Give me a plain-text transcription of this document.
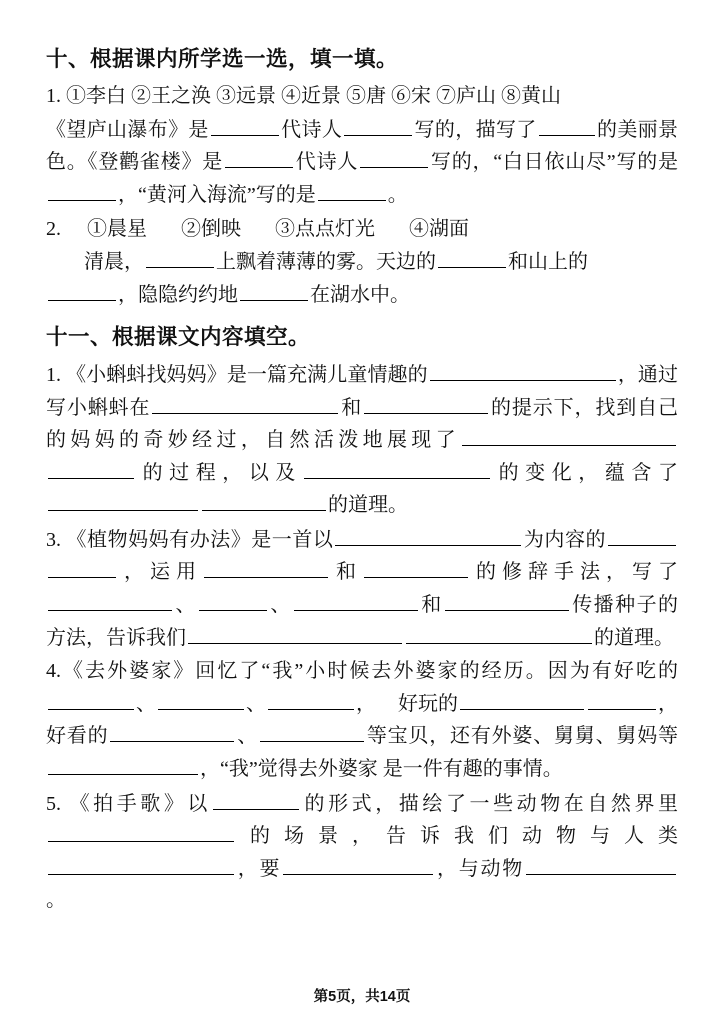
十、根据课内所学选一选，填一填。
1. ①李白 ②王之涣 ③远景 ④近景 ⑤唐 ⑥宋 ⑦庐山 ⑧黄山
《望庐山瀑布》是	代诗人	写的，描写了	的美丽景色。《登鹳雀楼》是	代诗人	写的，“白日依山尽”写的是，“黄河入海流”写的是	。
2. ①晨星 ②倒映 ③点点灯光 ④湖面
清晨，	上飘着薄薄的雾。天边的	和山上的
，隐隐约约地	在湖水中。
十一、根据课文内容填空。
1. 《小蝌蚪找妈妈》是一篇充满儿童情趣的	，通过写小蝌蚪在	和	的提示下，找到自己的妈妈的奇妙经过，自然活泼地展现了的过程，以及	的变化，蕴含了的道理。
3. 《植物妈妈有办法》是一首以	为内容的，运用	和	的修辞手法，写了、	、	和	传播种子的方法，告诉我们	的道理。
4.《去外婆家》回忆了“我”小时候去外婆家的经历。因为有好吃的、	、	， 好玩的	，好看的	、	等宝贝，还有外婆、舅舅、舅妈等，“我”觉得去外婆家 是一件有趣的事情。
5. 《拍手歌》以	的形式，描绘了一些动物在自然界里的场景，告诉我们动物与人类，要	，与动物。
第5页，共14页
